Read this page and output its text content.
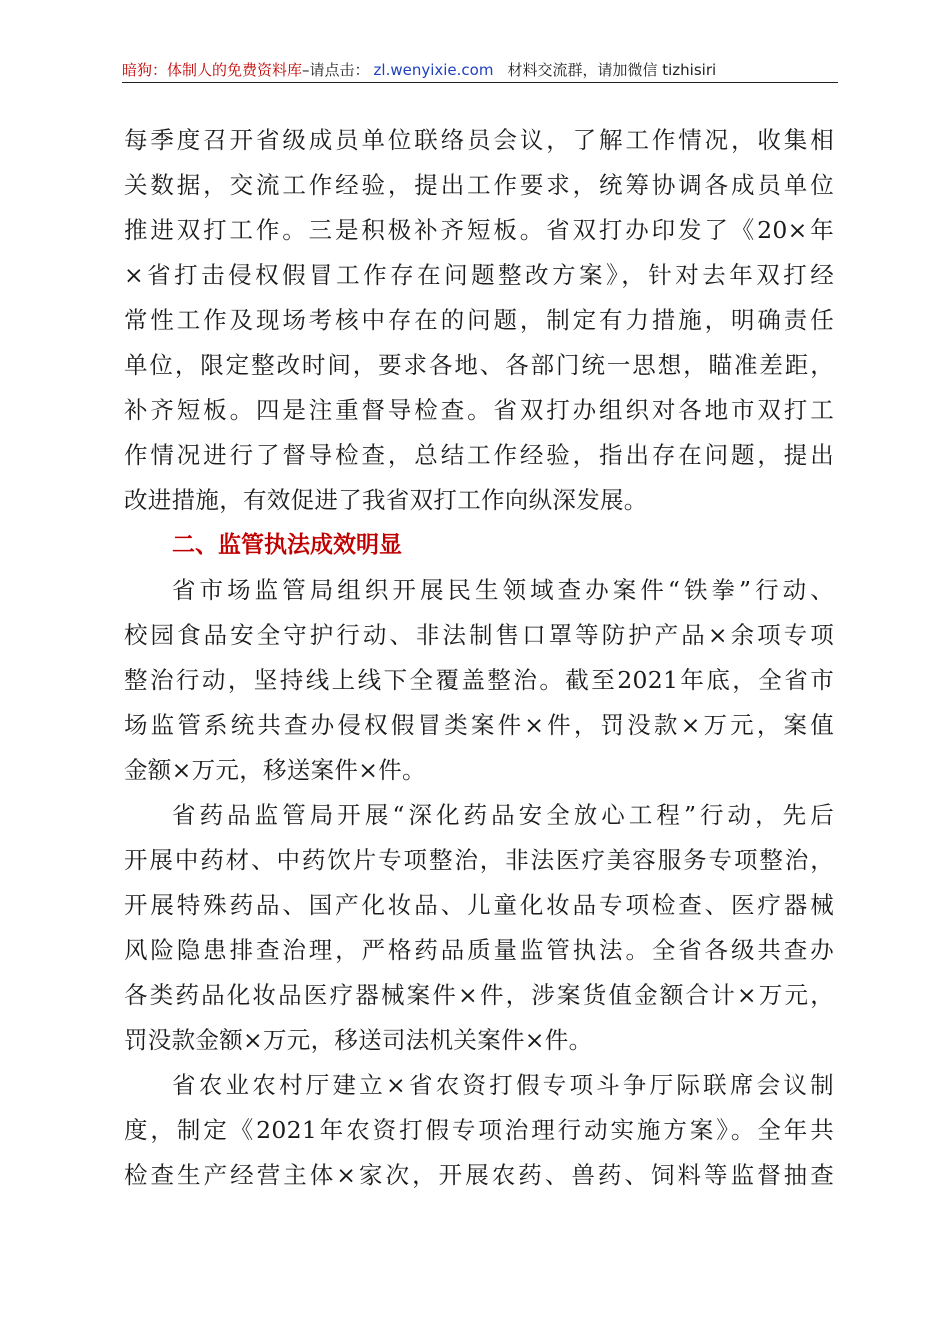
暗狗：体制人的免费资料库–请点击： zl.wenyixie.com 材料交流群，请加微信 tizhisiri
每季度召开省级成员单位联络员会议，了解工作情况，收集相
关数据，交流工作经验，提出工作要求，统筹协调各成员单位
推进双打工作。三是积极补齐短板。省双打办印发了《20×年
×省打击侵权假冒工作存在问题整改方案》，针对去年双打经
常性工作及现场考核中存在的问题，制定有力措施，明确责任
单位，限定整改时间，要求各地、各部门统一思想，瞄准差距，
补齐短板。四是注重督导检查。省双打办组织对各地市双打工
作情况进行了督导检查，总结工作经验，指出存在问题，提出
改进措施，有效促进了我省双打工作向纵深发展。
二、监管执法成效明显
省市场监管局组织开展民生领域查办案件“铁拳”行动、
校园食品安全守护行动、非法制售口罩等防护产品×余项专项
整治行动，坚持线上线下全覆盖整治。截至2021年底，全省市
场监管系统共查办侵权假冒类案件×件，罚没款×万元，案值
金额×万元，移送案件×件。
省药品监管局开展“深化药品安全放心工程”行动，先后
开展中药材、中药饮片专项整治，非法医疗美容服务专项整治，
开展特殊药品、国产化妆品、儿童化妆品专项检查、医疗器械
风险隐患排查治理，严格药品质量监管执法。全省各级共查办
各类药品化妆品医疗器械案件×件，涉案货值金额合计×万元，
罚没款金额×万元，移送司法机关案件×件。
省农业农村厅建立×省农资打假专项斗争厅际联席会议制
度，制定《2021年农资打假专项治理行动实施方案》。全年共
检查生产经营主体×家次，开展农药、兽药、饲料等监督抽查
